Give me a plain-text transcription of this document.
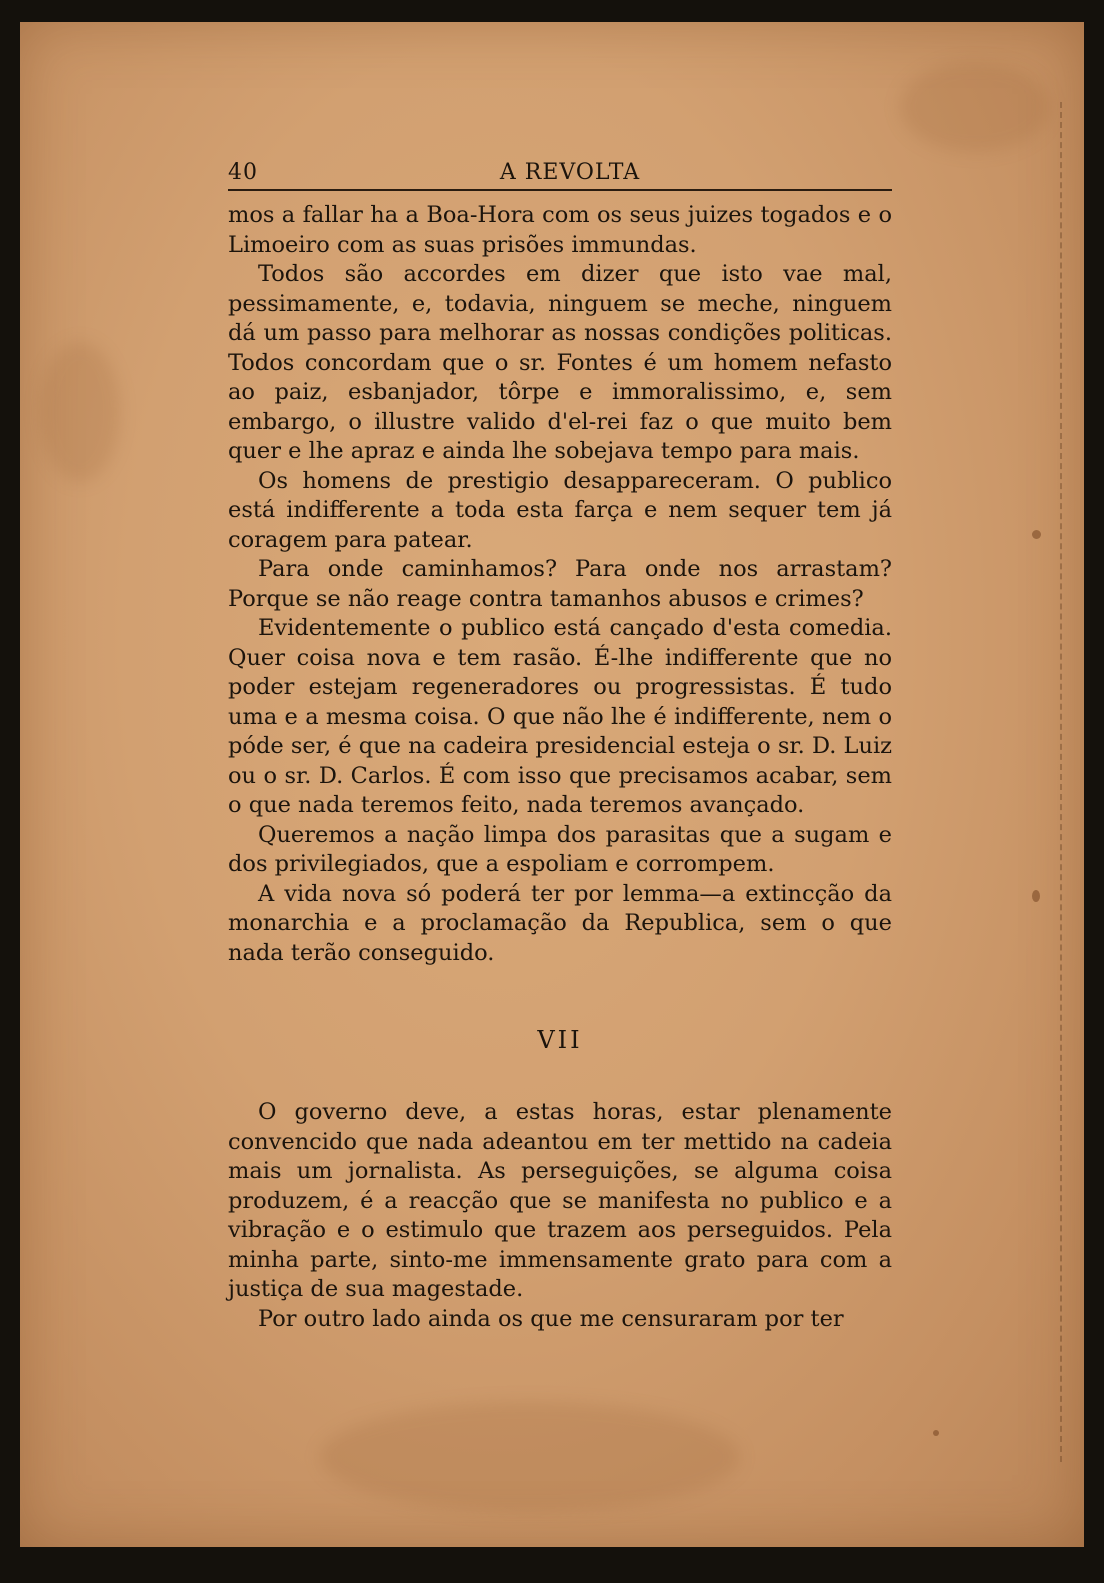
40	A REVOLTA

mos a fallar ha a Boa-Hora com os seus juizes togados e o Limoeiro com as suas prisões immundas.

Todos são accordes em dizer que isto vae mal, pessimamente, e, todavia, ninguem se meche, ninguem dá um passo para melhorar as nossas condições politicas. Todos concordam que o sr. Fontes é um homem nefasto ao paiz, esbanjador, tôrpe e immoralissimo, e, sem embargo, o illustre valido d'el-rei faz o que muito bem quer e lhe apraz e ainda lhe sobejava tempo para mais.

Os homens de prestigio desappareceram. O publico está indifferente a toda esta farça e nem sequer tem já coragem para patear.

Para onde caminhamos? Para onde nos arrastam? Porque se não reage contra tamanhos abusos e crimes?

Evidentemente o publico está cançado d'esta comedia. Quer coisa nova e tem rasão. É-lhe indifferente que no poder estejam regeneradores ou progressistas. É tudo uma e a mesma coisa. O que não lhe é indifferente, nem o póde ser, é que na cadeira presidencial esteja o sr. D. Luiz ou o sr. D. Carlos. É com isso que precisamos acabar, sem o que nada teremos feito, nada teremos avançado.

Queremos a nação limpa dos parasitas que a sugam e dos privilegiados, que a espoliam e corrompem.

A vida nova só poderá ter por lemma—a extincção da monarchia e a proclamação da Republica, sem o que nada terão conseguido.

VII

O governo deve, a estas horas, estar plenamente convencido que nada adeantou em ter mettido na cadeia mais um jornalista. As perseguições, se alguma coisa produzem, é a reacção que se manifesta no publico e a vibração e o estimulo que trazem aos perseguidos. Pela minha parte, sinto-me immensamente grato para com a justiça de sua magestade.

Por outro lado ainda os que me censuraram por ter
